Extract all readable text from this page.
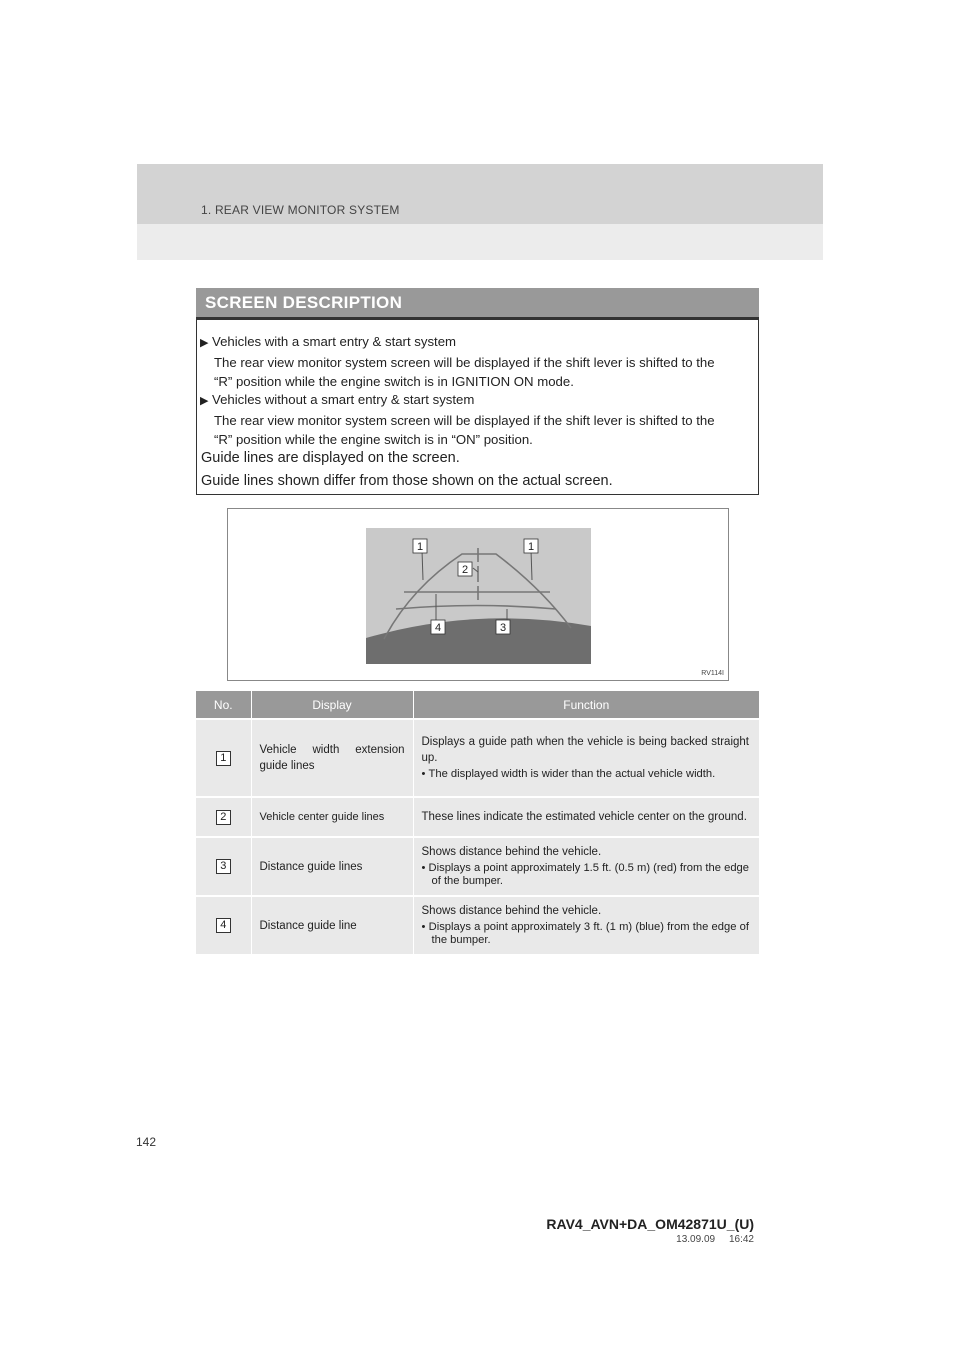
1. REAR VIEW MONITOR SYSTEM
SCREEN DESCRIPTION
▶ Vehicles with a smart entry & start system
The rear view monitor system screen will be displayed if the shift lever is shifted to the
“R” position while the engine switch is in IGNITION ON mode.
▶ Vehicles without a smart entry & start system
The rear view monitor system screen will be displayed if the shift lever is shifted to the
“R” position while the engine switch is in “ON” position.
Guide lines are displayed on the screen.
Guide lines shown differ from those shown on the actual screen.
1	1
2
4	3
RV114I
No.	Display	Function
1	Vehicle width extension guide lines	Displays a guide path when the vehicle is being backed straight up.
• The displayed width is wider than the actual vehicle width.

2	Vehicle center guide lines	These lines indicate the estimated vehicle center on the ground.

3	Distance guide lines	Shows distance behind the vehicle.
• Displays a point approximately 1.5 ft. (0.5 m) (red) from the edge of the bumper.

4	Distance guide line	Shows distance behind the vehicle.
• Displays a point approximately 3 ft. (1 m) (blue) from the edge of the bumper.
142
RAV4_AVN+DA_OM42871U_(U)
13.09.09     16:42
